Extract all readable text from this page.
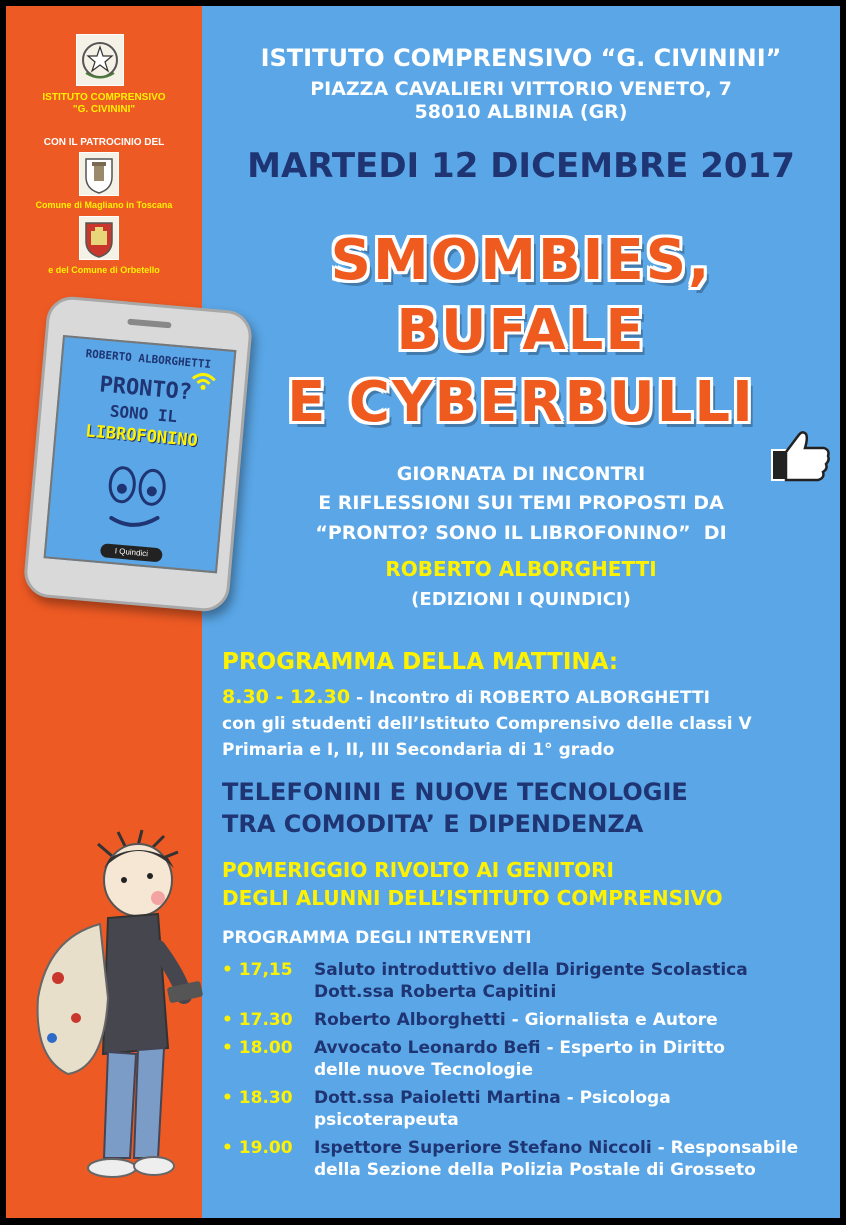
ISTITUTO COMPRENSIVO
"G. CIVININI"
CON IL PATROCINIO DEL
Comune di Magliano in Toscana
e del Comune di Orbetello
ROBERTO ALBORGHETTI
PRONTO?
SONO IL
LIBROFONINO
I Quindici
ISTITUTO COMPRENSIVO “G. CIVININI”
PIAZZA CAVALIERI VITTORIO VENETO, 7
58010 ALBINIA (GR)
MARTEDI 12 DICEMBRE 2017
SMOMBIES,
BUFALE
E CYBERBULLI
GIORNATA DI INCONTRI
E RIFLESSIONI SUI TEMI PROPOSTI DA
“PRONTO? SONO IL LIBROFONINO”  DI
ROBERTO ALBORGHETTI
(EDIZIONI I QUINDICI)
PROGRAMMA DELLA MATTINA:
8.30 - 12.30 - Incontro di ROBERTO ALBORGHETTI
con gli studenti dell’Istituto Comprensivo delle classi V
Primaria e I, II, III Secondaria di 1° grado
TELEFONINI E NUOVE TECNOLOGIE
TRA COMODITA’ E DIPENDENZA
POMERIGGIO RIVOLTO AI GENITORI
DEGLI ALUNNI DELL’ISTITUTO COMPRENSIVO
PROGRAMMA DEGLI INTERVENTI
• 17,15	Saluto introduttivo della Dirigente Scolastica
Dott.ssa Roberta Capitini
• 17.30	Roberto Alborghetti - Giornalista e Autore
• 18.00	Avvocato Leonardo Befi - Esperto in Diritto
delle nuove Tecnologie
• 18.30	Dott.ssa Paioletti Martina - Psicologa
psicoterapeuta
• 19.00	Ispettore Superiore Stefano Niccoli - Responsabile
della Sezione della Polizia Postale di Grosseto
